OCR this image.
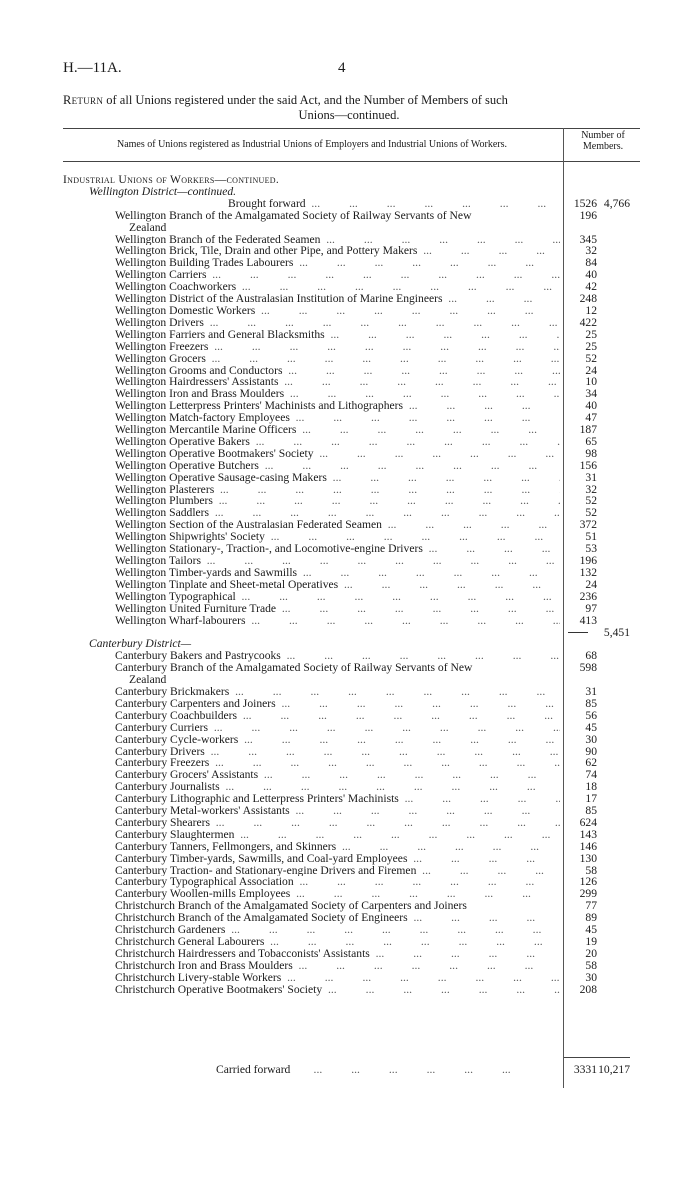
H.—11A.	4
Return of all Unions registered under the said Act, and the Number of Members of such
Unions—continued.
Names of Unions registered as Industrial Unions of Employers and Industrial Unions of Workers.
Number of
Members.
Industrial Unions of Workers—continued.
Wellington District—continued.
Brought forward ...	1526 4,766
Wellington Branch of the Amalgamated Society of Railway Servants of New	196
Zealand
Wellington Branch of the Federated Seamen ...	345
Wellington Brick, Tile, Drain and other Pipe, and Pottery Makers ...	32
Wellington Building Trades Labourers ...	84
Wellington Carriers ...	40
Wellington Coachworkers ...	42
Wellington District of the Australasian Institution of Marine Engineers ...	248
Wellington Domestic Workers ...	12
Wellington Drivers ...	422
Wellington Farriers and General Blacksmiths ...	25
Wellington Freezers ...	25
Wellington Grocers ...	52
Wellington Grooms and Conductors ...	24
Wellington Hairdressers' Assistants ...	10
Wellington Iron and Brass Moulders ...	34
Wellington Letterpress Printers' Machinists and Lithographers ...	40
Wellington Match-factory Employees ...	47
Wellington Mercantile Marine Officers ...	187
Wellington Operative Bakers ...	65
Wellington Operative Bootmakers' Society ...	98
Wellington Operative Butchers ...	156
Wellington Operative Sausage-casing Makers ...	31
Wellington Plasterers ...	32
Wellington Plumbers ...	52
Wellington Saddlers ...	52
Wellington Section of the Australasian Federated Seamen ...	372
Wellington Shipwrights' Society ...	51
Wellington Stationary-, Traction-, and Locomotive-engine Drivers ...	53
Wellington Tailors ...	196
Wellington Timber-yards and Sawmills ...	132
Wellington Tinplate and Sheet-metal Operatives ...	24
Wellington Typographical ...	236
Wellington United Furniture Trade ...	97
Wellington Wharf-labourers ...	413
5,451
Canterbury District—
Canterbury Bakers and Pastrycooks ...	68
Canterbury Branch of the Amalgamated Society of Railway Servants of New	598
Zealand
Canterbury Brickmakers ...	31
Canterbury Carpenters and Joiners ...	85
Canterbury Coachbuilders ...	56
Canterbury Curriers ...	45
Canterbury Cycle-workers ...	30
Canterbury Drivers ...	90
Canterbury Freezers ...	62
Canterbury Grocers' Assistants ...	74
Canterbury Journalists ...	18
Canterbury Lithographic and Letterpress Printers' Machinists ...	17
Canterbury Metal-workers' Assistants ...	85
Canterbury Shearers ...	624
Canterbury Slaughtermen ...	143
Canterbury Tanners, Fellmongers, and Skinners ...	146
Canterbury Timber-yards, Sawmills, and Coal-yard Employees ...	130
Canterbury Traction- and Stationary-engine Drivers and Firemen ...	58
Canterbury Typographical Association ...	126
Canterbury Woollen-mills Employees ...	299
Christchurch Branch of the Amalgamated Society of Carpenters and Joiners	77
Christchurch Branch of the Amalgamated Society of Engineers ...	89
Christchurch Gardeners ...	45
Christchurch General Labourers ...	19
Christchurch Hairdressers and Tobacconists' Assistants ...	20
Christchurch Iron and Brass Moulders ...	58
Christchurch Livery-stable Workers ...	30
Christchurch Operative Bootmakers' Society ...	208
Carried forward ...	3331 10,217
